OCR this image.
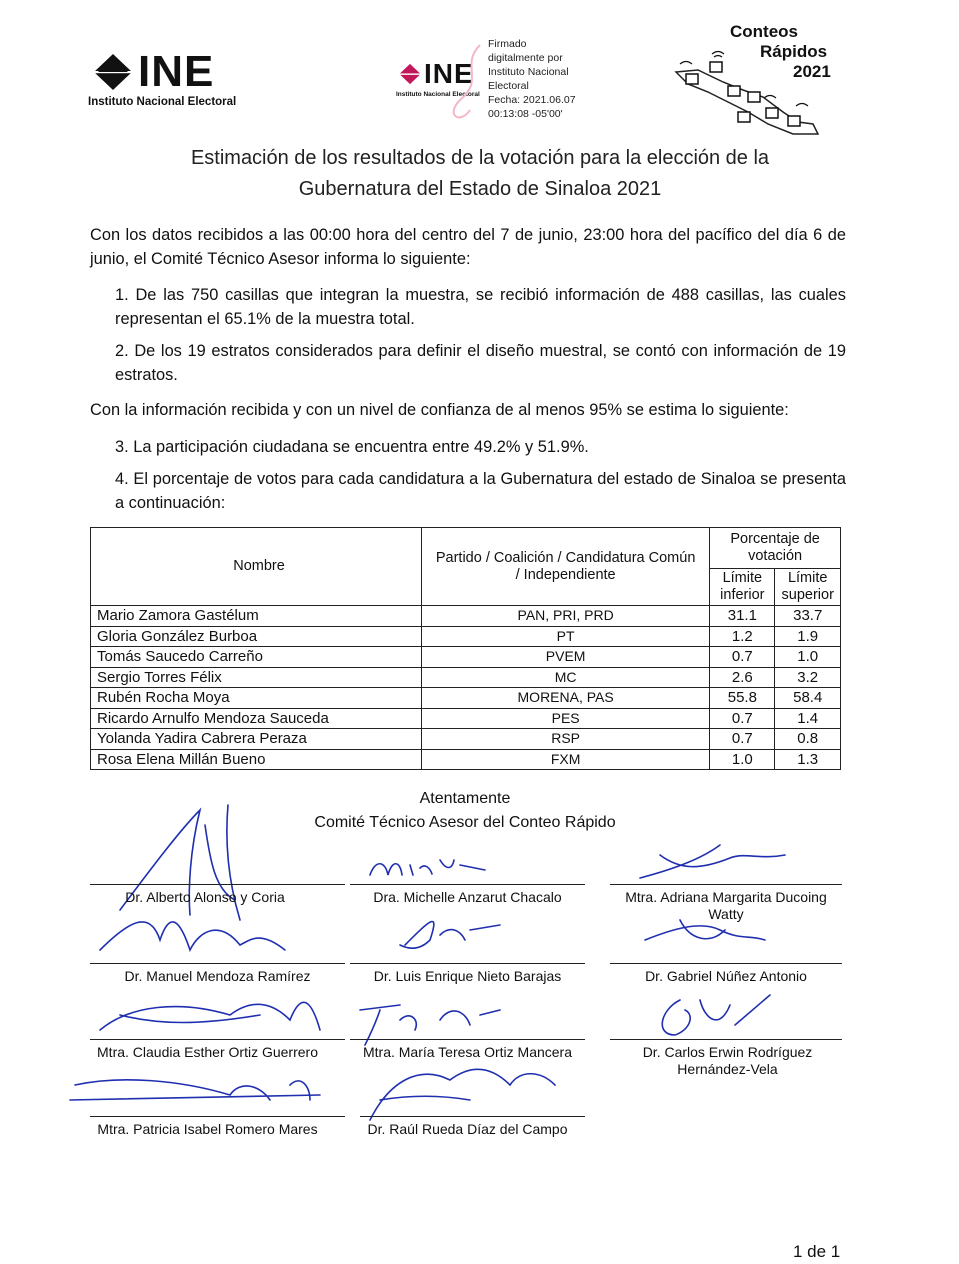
INE
Instituto Nacional Electoral
INE
Instituto Nacional Electoral
Firmado
digitalmente por
Instituto Nacional
Electoral
Fecha: 2021.06.07
00:13:08 -05'00'
Conteos
Rápidos
2021
Estimación de los resultados de la votación para la elección de la
Gubernatura del Estado de Sinaloa 2021
Con los datos recibidos a las 00:00 hora del centro del 7 de junio, 23:00 hora del pacífico del día 6 de junio, el Comité Técnico Asesor informa lo siguiente:
1. De las 750 casillas que integran la muestra, se recibió información de 488 casillas, las cuales representan el 65.1% de la muestra total.
2. De los 19 estratos considerados para definir el diseño muestral, se contó con información de 19 estratos.
Con la información recibida y con un nivel de confianza de al menos 95% se estima lo siguiente:
3. La participación ciudadana se encuentra entre 49.2% y 51.9%.
4. El porcentaje de votos para cada candidatura a la Gubernatura del estado de Sinaloa se presenta a continuación:
Nombre	Partido / Coalición / Candidatura Común / Independiente	Porcentaje de votación	
		Límite inferior	Límite superior
Mario Zamora Gastélum	PAN, PRI, PRD	31.1	33.7
Gloria González Burboa	PT	1.2	1.9
Tomás Saucedo Carreño	PVEM	0.7	1.0
Sergio Torres Félix	MC	2.6	3.2
Rubén Rocha Moya	MORENA, PAS	55.8	58.4
Ricardo Arnulfo Mendoza Sauceda	PES	0.7	1.4
Yolanda Yadira Cabrera Peraza	RSP	0.7	0.8
Rosa Elena Millán Bueno	FXM	1.0	1.3
Atentamente
Comité Técnico Asesor del Conteo Rápido
Dr. Alberto Alonso y Coria	Dra. Michelle Anzarut Chacalo	Mtra. Adriana Margarita Ducoing Watty
Dr. Manuel Mendoza Ramírez	Dr. Luis Enrique Nieto Barajas	Dr. Gabriel Núñez Antonio
Mtra. Claudia Esther Ortiz Guerrero	Mtra. María Teresa Ortiz Mancera	Dr. Carlos Erwin Rodríguez Hernández-Vela
Mtra. Patricia Isabel Romero Mares	Dr. Raúl Rueda Díaz del Campo
1 de 1
